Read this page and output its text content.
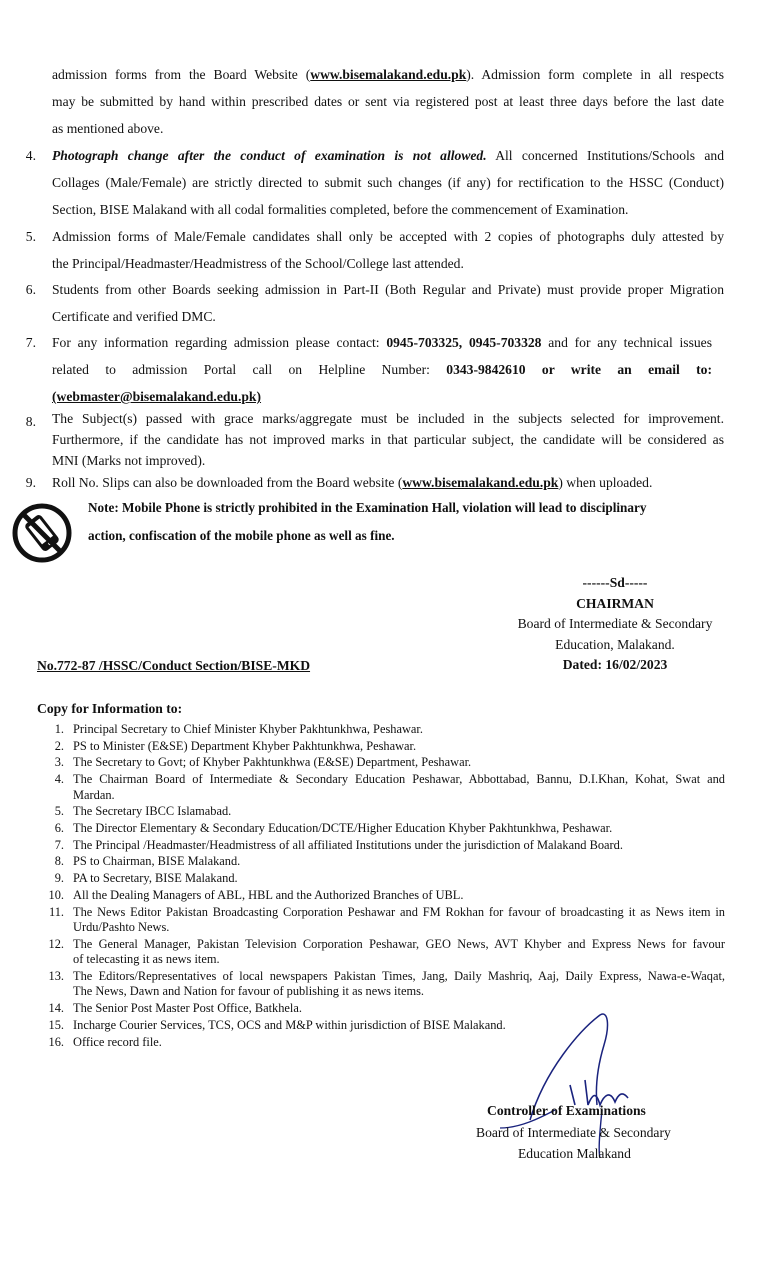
admission forms from the Board Website (www.bisemalakand.edu.pk). Admission form complete in all respects
may be submitted by hand within prescribed dates or sent via registered post at least three days before the last date
as mentioned above.
4. Photograph change after the conduct of examination is not allowed. All concerned Institutions/Schools and
Collages (Male/Female) are strictly directed to submit such changes (if any) for rectification to the HSSC (Conduct)
Section, BISE Malakand with all codal formalities completed, before the commencement of Examination.
5. Admission forms of Male/Female candidates shall only be accepted with 2 copies of photographs duly attested by
the Principal/Headmaster/Headmistress of the School/College last attended.
6. Students from other Boards seeking admission in Part-II (Both Regular and Private) must provide proper Migration
Certificate and verified DMC.
7. For any information regarding admission please contact: 0945-703325, 0945-703328 and for any technical issues
related  to  admission  Portal  call  on  Helpline  Number:  0343-9842610  or  write  an  email  to:
(webmaster@bisemalakand.edu.pk)
8. The Subject(s) passed with grace marks/aggregate must be included in the subjects selected for improvement.
Furthermore, if the candidate has not improved marks in that particular subject, the candidate will be considered as
MNI (Marks not improved).
9. Roll No. Slips can also be downloaded from the Board website (www.bisemalakand.edu.pk) when uploaded.
Note: Mobile Phone is strictly prohibited in the Examination Hall, violation will lead to disciplinary
action, confiscation of the mobile phone as well as fine.
------Sd-----
CHAIRMAN
Board of Intermediate & Secondary
Education, Malakand.
Dated: 16/02/2023
No.772-87 /HSSC/Conduct Section/BISE-MKD
Copy for Information to:
1. Principal Secretary to Chief Minister Khyber Pakhtunkhwa, Peshawar.
2. PS to Minister (E&SE) Department Khyber Pakhtunkhwa, Peshawar.
3. The Secretary to Govt; of Khyber Pakhtunkhwa (E&SE) Department, Peshawar.
4. The Chairman Board of Intermediate & Secondary Education Peshawar, Abbottabad, Bannu, D.I.Khan, Kohat, Swat and
Mardan.
5. The Secretary IBCC Islamabad.
6. The Director Elementary & Secondary Education/DCTE/Higher Education Khyber Pakhtunkhwa, Peshawar.
7. The Principal /Headmaster/Headmistress of all affiliated Institutions under the jurisdiction of Malakand Board.
8. PS to Chairman, BISE Malakand.
9. PA to Secretary, BISE Malakand.
10. All the Dealing Managers of ABL, HBL and the Authorized Branches of UBL.
11. The News Editor Pakistan Broadcasting Corporation Peshawar and FM Rokhan for favour of broadcasting it as News item in
Urdu/Pashto News.
12. The General Manager, Pakistan Television Corporation Peshawar, GEO News, AVT Khyber and Express News for favour
of telecasting it as news item.
13. The Editors/Representatives of local newspapers Pakistan Times, Jang, Daily Mashriq, Aaj, Daily Express, Nawa-e-Waqat,
The News, Dawn and Nation for favour of publishing it as news items.
14. The Senior Post Master Post Office, Batkhela.
15. Incharge Courier Services, TCS, OCS and M&P within jurisdiction of BISE Malakand.
16. Office record file.
Controller of Examinations
Board of Intermediate & Secondary
Education Malakand
